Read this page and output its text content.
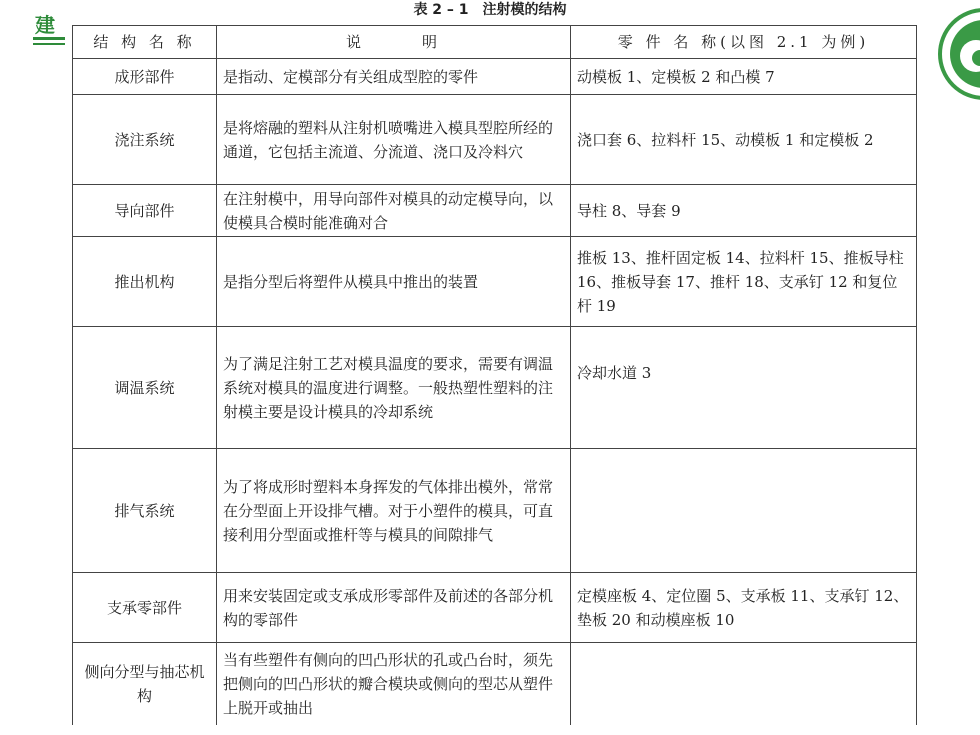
表 2 – 1　注射模的结构
建
结 构 名 称	说　　　明	零 件 名 称(以图 2.1 为例)
成形部件	是指动、定模部分有关组成型腔的零件	动模板 1、定模板 2 和凸模 7
浇注系统	是将熔融的塑料从注射机喷嘴进入模具型腔所经的通道，它包括主流道、分流道、浇口及冷料穴	浇口套 6、拉料杆 15、动模板 1 和定模板 2
导向部件	在注射模中，用导向部件对模具的动定模导向，以使模具合模时能准确对合	导柱 8、导套 9
推出机构	是指分型后将塑件从模具中推出的装置	推板 13、推杆固定板 14、拉料杆 15、推板导柱 16、推板导套 17、推杆 18、支承钉 12 和复位杆 19
调温系统	为了满足注射工艺对模具温度的要求，需要有调温系统对模具的温度进行调整。一般热塑性塑料的注射模主要是设计模具的冷却系统	冷却水道 3
排气系统	为了将成形时塑料本身挥发的气体排出模外，常常在分型面上开设排气槽。对于小塑件的模具，可直接利用分型面或推杆等与模具的间隙排气	
支承零部件	用来安装固定或支承成形零部件及前述的各部分机构的零部件	定模座板 4、定位圈 5、支承板 11、支承钉 12、垫板 20 和动模座板 10
侧向分型与抽芯机构	当有些塑件有侧向的凹凸形状的孔或凸台时，须先把侧向的凹凸形状的瓣合模块或侧向的型芯从塑件上脱开或抽出	
